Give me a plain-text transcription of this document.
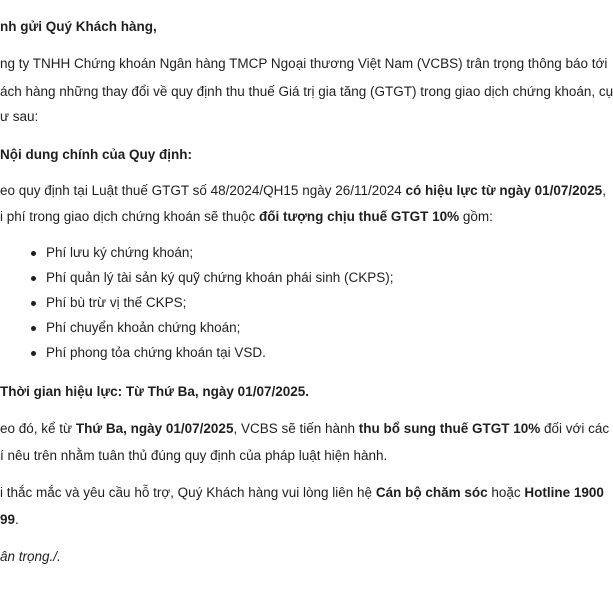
nh gửi Quý Khách hàng,
ng ty TNHH Chứng khoán Ngân hàng TMCP Ngoại thương Việt Nam (VCBS) trân trọng thông báo tới
ách hàng những thay đổi về quy định thu thuế Giá trị gia tăng (GTGT) trong giao dịch chứng khoán, cụ
ư sau:
Nội dung chính của Quy định:
eo quy định tại Luật thuế GTGT số 48/2024/QH15 ngày 26/11/2024 có hiệu lực từ ngày 01/07/2025,
i phí trong giao dịch chứng khoán sẽ thuộc đối tượng chịu thuế GTGT 10% gồm:
Phí lưu ký chứng khoán;
Phí quản lý tài sản ký quỹ chứng khoán phái sinh (CKPS);
Phí bù trừ vị thế CKPS;
Phí chuyển khoản chứng khoán;
Phí phong tỏa chứng khoán tại VSD.
Thời gian hiệu lực: Từ Thứ Ba, ngày 01/07/2025.
eo đó, kể từ Thứ Ba, ngày 01/07/2025, VCBS sẽ tiến hành thu bổ sung thuế GTGT 10% đối với các
í nêu trên nhằm tuân thủ đúng quy định của pháp luật hiện hành.
i thắc mắc và yêu cầu hỗ trợ, Quý Khách hàng vui lòng liên hệ Cán bộ chăm sóc hoặc Hotline 1900
99.
ân trọng./.
